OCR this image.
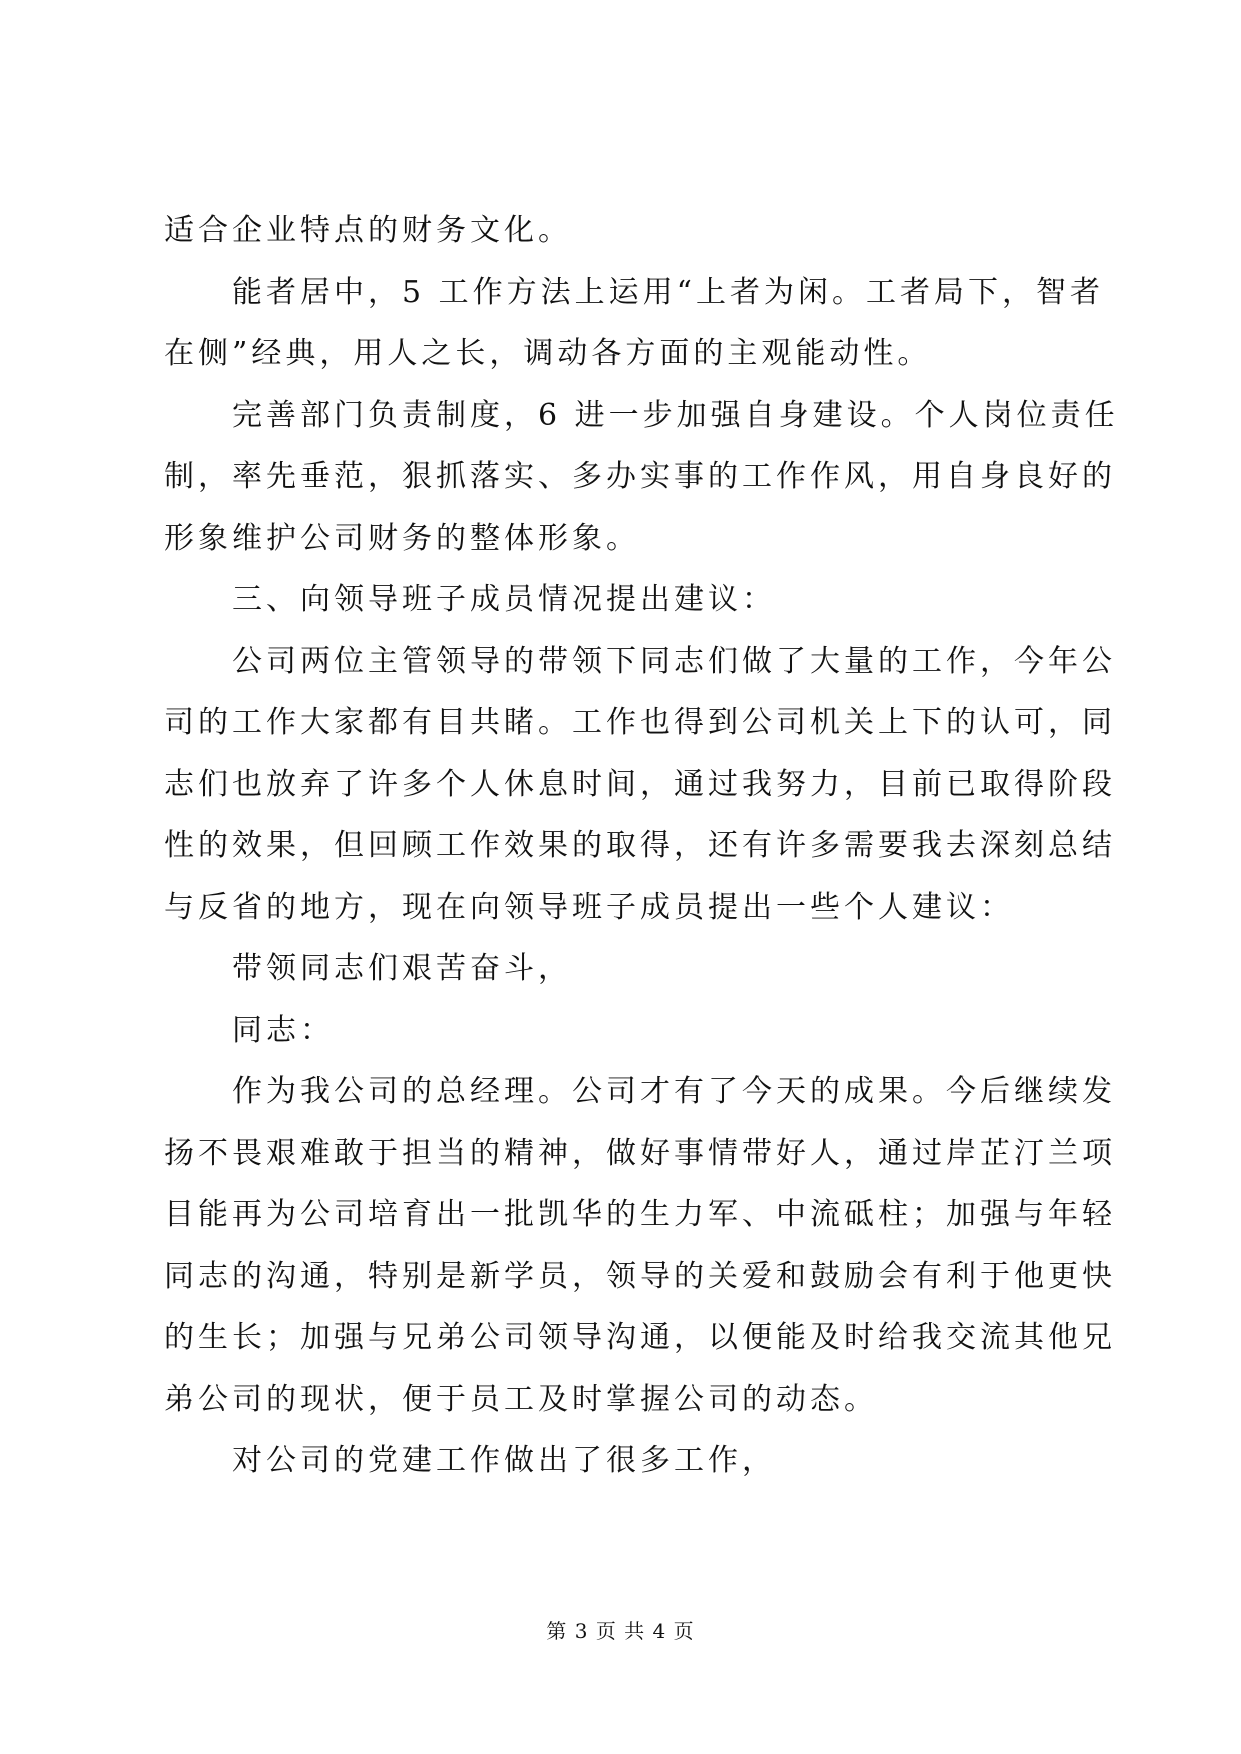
适合企业特点的财务文化。

能者居中，5 工作方法上运用“上者为闲。工者局下，智者

在侧”经典，用人之长，调动各方面的主观能动性。

完善部门负责制度，6 进一步加强自身建设。个人岗位责任

制，率先垂范，狠抓落实、多办实事的工作作风，用自身良好的

形象维护公司财务的整体形象。

三、向领导班子成员情况提出建议：

公司两位主管领导的带领下同志们做了大量的工作，今年公

司的工作大家都有目共睹。工作也得到公司机关上下的认可，同

志们也放弃了许多个人休息时间，通过我努力，目前已取得阶段

性的效果，但回顾工作效果的取得，还有许多需要我去深刻总结

与反省的地方，现在向领导班子成员提出一些个人建议：

带领同志们艰苦奋斗，

同志：

作为我公司的总经理。公司才有了今天的成果。今后继续发

扬不畏艰难敢于担当的精神，做好事情带好人，通过岸芷汀兰项

目能再为公司培育出一批凯华的生力军、中流砥柱；加强与年轻

同志的沟通，特别是新学员，领导的关爱和鼓励会有利于他更快

的生长；加强与兄弟公司领导沟通，以便能及时给我交流其他兄

弟公司的现状，便于员工及时掌握公司的动态。

对公司的党建工作做出了很多工作，

第 3 页 共 4 页
